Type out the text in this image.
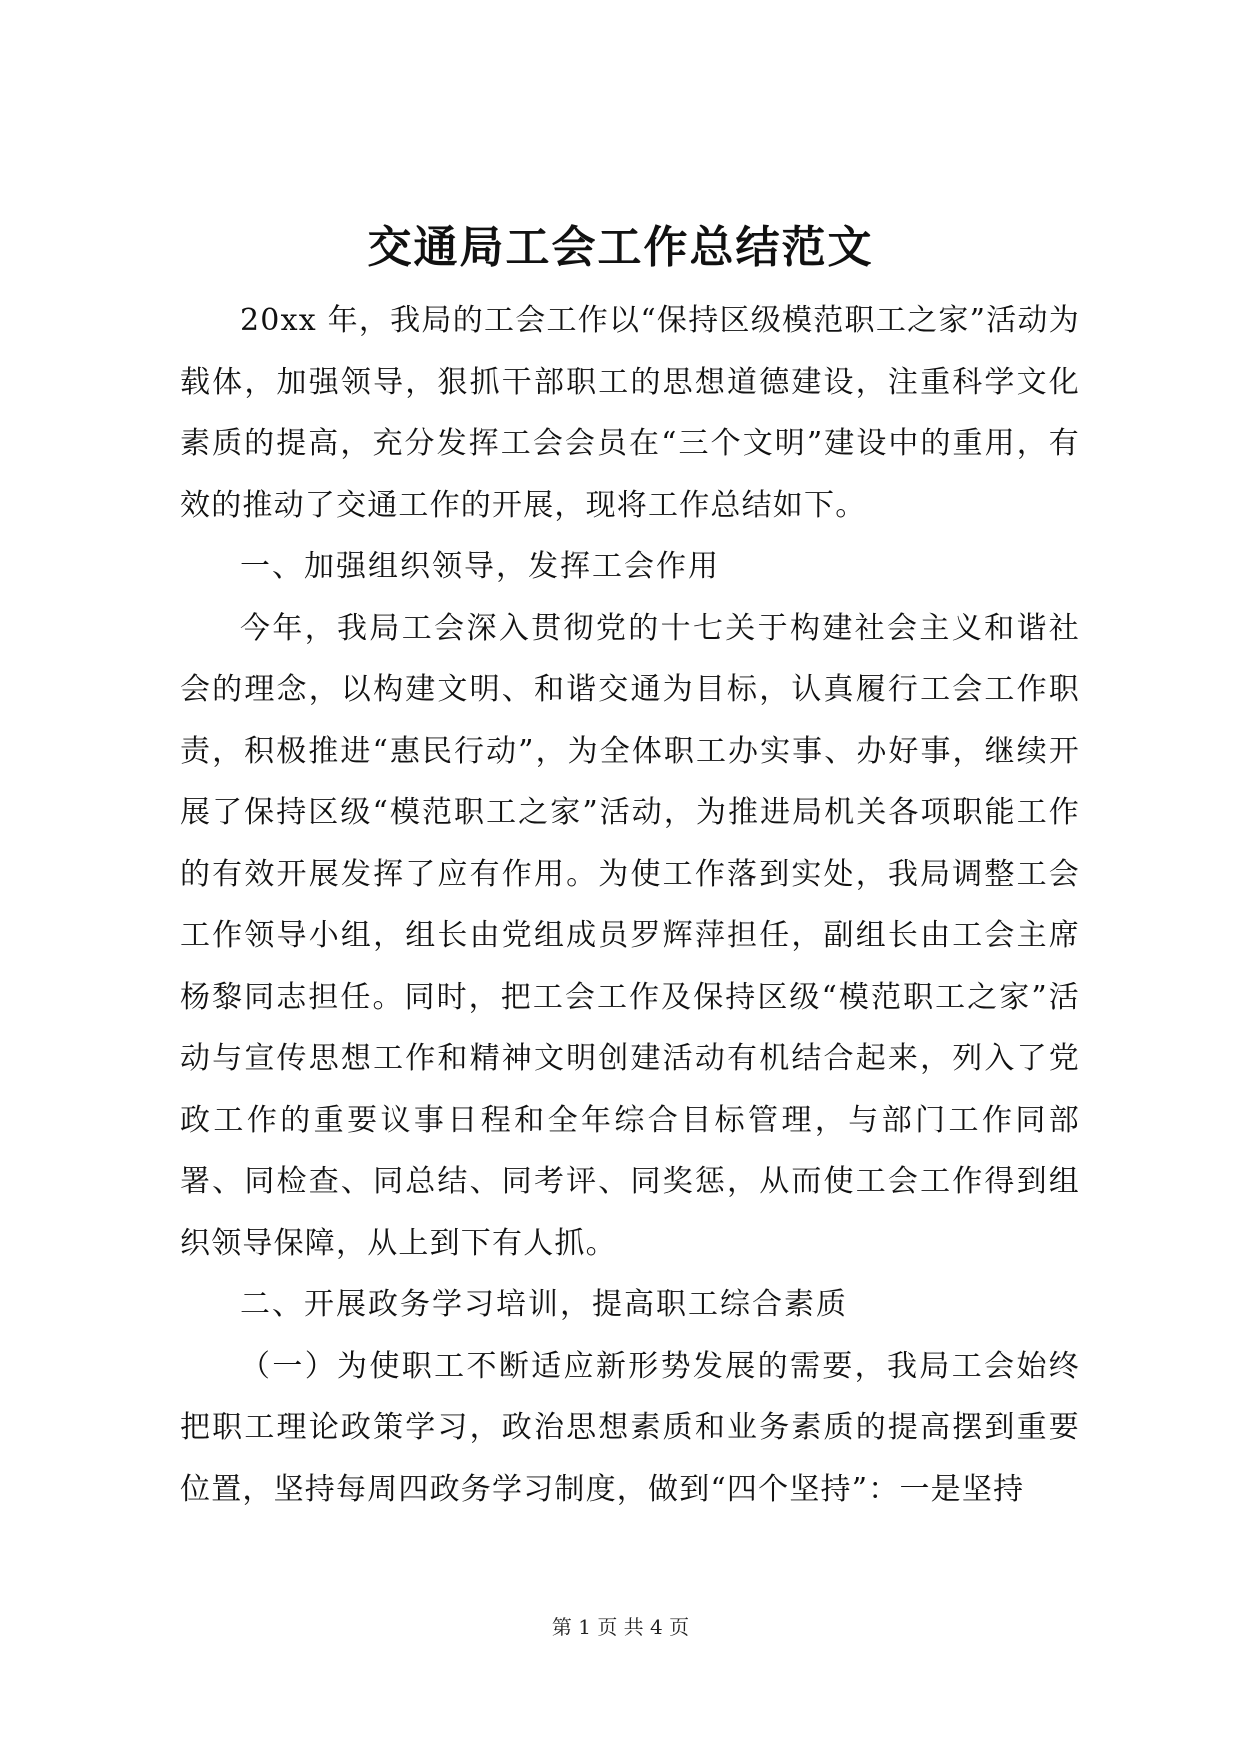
交通局工会工作总结范文

20xx 年，我局的工会工作以“保持区级模范职工之家”活动为载体，加强领导，狠抓干部职工的思想道德建设，注重科学文化素质的提高，充分发挥工会会员在“三个文明”建设中的重用，有效的推动了交通工作的开展，现将工作总结如下。

一、加强组织领导，发挥工会作用

今年，我局工会深入贯彻党的十七关于构建社会主义和谐社会的理念，以构建文明、和谐交通为目标，认真履行工会工作职责，积极推进“惠民行动”，为全体职工办实事、办好事，继续开展了保持区级“模范职工之家”活动，为推进局机关各项职能工作的有效开展发挥了应有作用。为使工作落到实处，我局调整工会工作领导小组，组长由党组成员罗辉萍担任，副组长由工会主席杨黎同志担任。同时，把工会工作及保持区级“模范职工之家”活动与宣传思想工作和精神文明创建活动有机结合起来，列入了党政工作的重要议事日程和全年综合目标管理，与部门工作同部署、同检查、同总结、同考评、同奖惩，从而使工会工作得到组织领导保障，从上到下有人抓。

二、开展政务学习培训，提高职工综合素质

（一）为使职工不断适应新形势发展的需要，我局工会始终把职工理论政策学习，政治思想素质和业务素质的提高摆到重要位置，坚持每周四政务学习制度，做到“四个坚持”：一是坚持

第 1 页 共 4 页
